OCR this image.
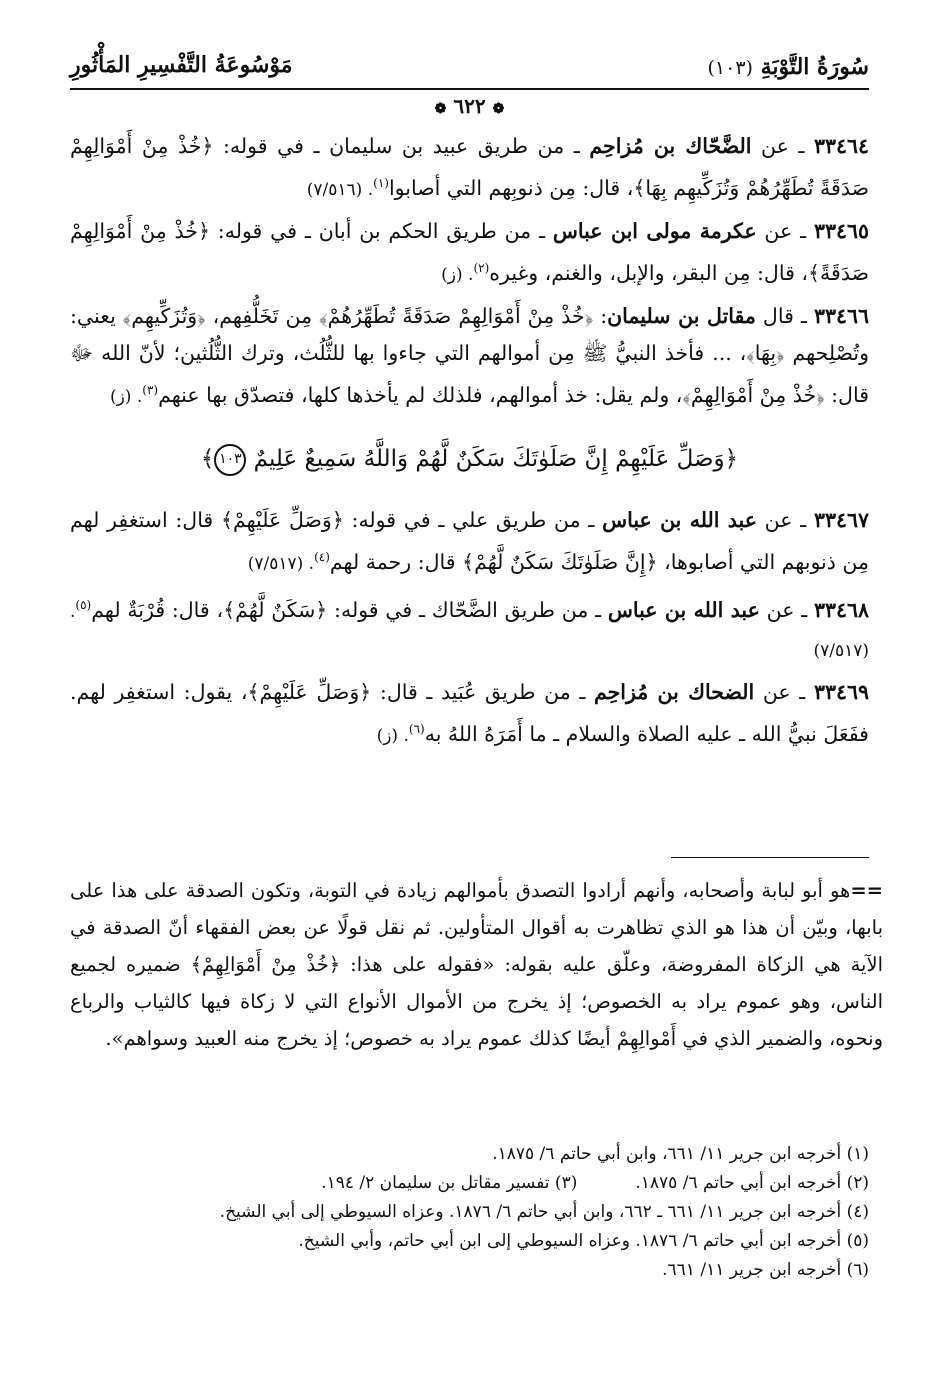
سُورَةُ التَّوْبَةِ (١٠٣)
مَوْسُوعَةُ التَّفْسِيرِ المَأْثُورِ
❁ ٦٢٢ ❁

٣٣٤٦٤ ـ عن الضَّحّاك بن مُزاحِم ـ من طريق عبيد بن سليمان ـ في قوله: ﴿خُذْ مِنْ أَمْوَالِهِمْ صَدَقَةً تُطَهِّرُهُمْ وَتُزَكِّيهِم بِهَا﴾، قال: مِن ذنوبِهم التي أصابوا$^{(١)}$. (٧/٥١٦)

٣٣٤٦٥ ـ عن عكرمة مولى ابن عباس ـ من طريق الحكم بن أبان ـ في قوله: ﴿خُذْ مِنْ أَمْوَالِهِمْ صَدَقَةً﴾، قال: مِن البقر، والإبل، والغنم، وغيره$^{(٢)}$. (ز)

٣٣٤٦٦ ـ قال مقاتل بن سليمان: ﴿خُذْ مِنْ أَمْوَالِهِمْ صَدَقَةً تُطَهِّرُهُمْ﴾ مِن تَخَلُّفِهم، ﴿وَتُزَكِّيهِم﴾ يعني: وتُصْلِحهم ﴿بِهَا﴾، ... فأخذ النبيُّ ﷺ مِن أموالهم التي جاءوا بها للثُّلُث، وترك الثُّلُثين؛ لأنّ الله ﷻ قال: ﴿خُذْ مِنْ أَمْوَالِهِمْ﴾، ولم يقل: خذ أموالهم، فلذلك لم يأخذها كلها، فتصدّق بها عنهم$^{(٣)}$. (ز)

﴿وَصَلِّ عَلَيْهِمْ إِنَّ صَلَوٰتَكَ سَكَنٌ لَّهُمْ وَاللَّهُ سَمِيعٌ عَلِيمٌ ١٠٣﴾

٣٣٤٦٧ ـ عن عبد الله بن عباس ـ من طريق علي ـ في قوله: ﴿وَصَلِّ عَلَيْهِمْ﴾ قال: استغفِر لهم مِن ذنوبهم التي أصابوها، ﴿إِنَّ صَلَوٰتَكَ سَكَنٌ لَّهُمْ﴾ قال: رحمة لهم$^{(٤)}$. (٧/٥١٧)

٣٣٤٦٨ ـ عن عبد الله بن عباس ـ من طريق الضَّحّاك ـ في قوله: ﴿سَكَنٌ لَّهُمْ﴾، قال: قُرْبَةٌ لهم$^{(٥)}$. (٧/٥١٧)

٣٣٤٦٩ ـ عن الضحاك بن مُزاحِم ـ من طريق عُبَيد ـ قال: ﴿وَصَلِّ عَلَيْهِمْ﴾، يقول: استغفِر لهم. ففَعَلَ نبيُّ الله ـ عليه الصلاة والسلام ـ ما أَمَرَهُ اللهُ به$^{(٦)}$. (ز)

==هو أبو لبابة وأصحابه، وأنهم أرادوا التصدق بأموالهم زيادة في التوبة، وتكون الصدقة على هذا على بابها، وبيّن أن هذا هو الذي تظاهرت به أقوال المتأولين. ثم نقل قولًا عن بعض الفقهاء أنّ الصدقة في الآية هي الزكاة المفروضة، وعلّق عليه بقوله: «فقوله على هذا: ﴿خُذْ مِنْ أَمْوَالِهِمْ﴾ ضميره لجميع الناس، وهو عموم يراد به الخصوص؛ إذ يخرج من الأموال الأنواع التي لا زكاة فيها كالثياب والرباع ونحوه، والضمير الذي في أَمْوالِهِمْ أيضًا كذلك عموم يراد به خصوص؛ إذ يخرج منه العبيد وسواهم».
(١) أخرجه ابن جرير ١١/ ٦٦١، وابن أبي حاتم ٦/ ١٨٧٥.
(٢) أخرجه ابن أبي حاتم ٦/ ١٨٧٥.(٣) تفسير مقاتل بن سليمان ٢/ ١٩٤.
(٤) أخرجه ابن جرير ١١/ ٦٦١ ـ ٦٦٢، وابن أبي حاتم ٦/ ١٨٧٦. وعزاه السيوطي إلى أبي الشيخ.
(٥) أخرجه ابن أبي حاتم ٦/ ١٨٧٦. وعزاه السيوطي إلى ابن أبي حاتم، وأبي الشيخ.
(٦) أخرجه ابن جرير ١١/ ٦٦١.
